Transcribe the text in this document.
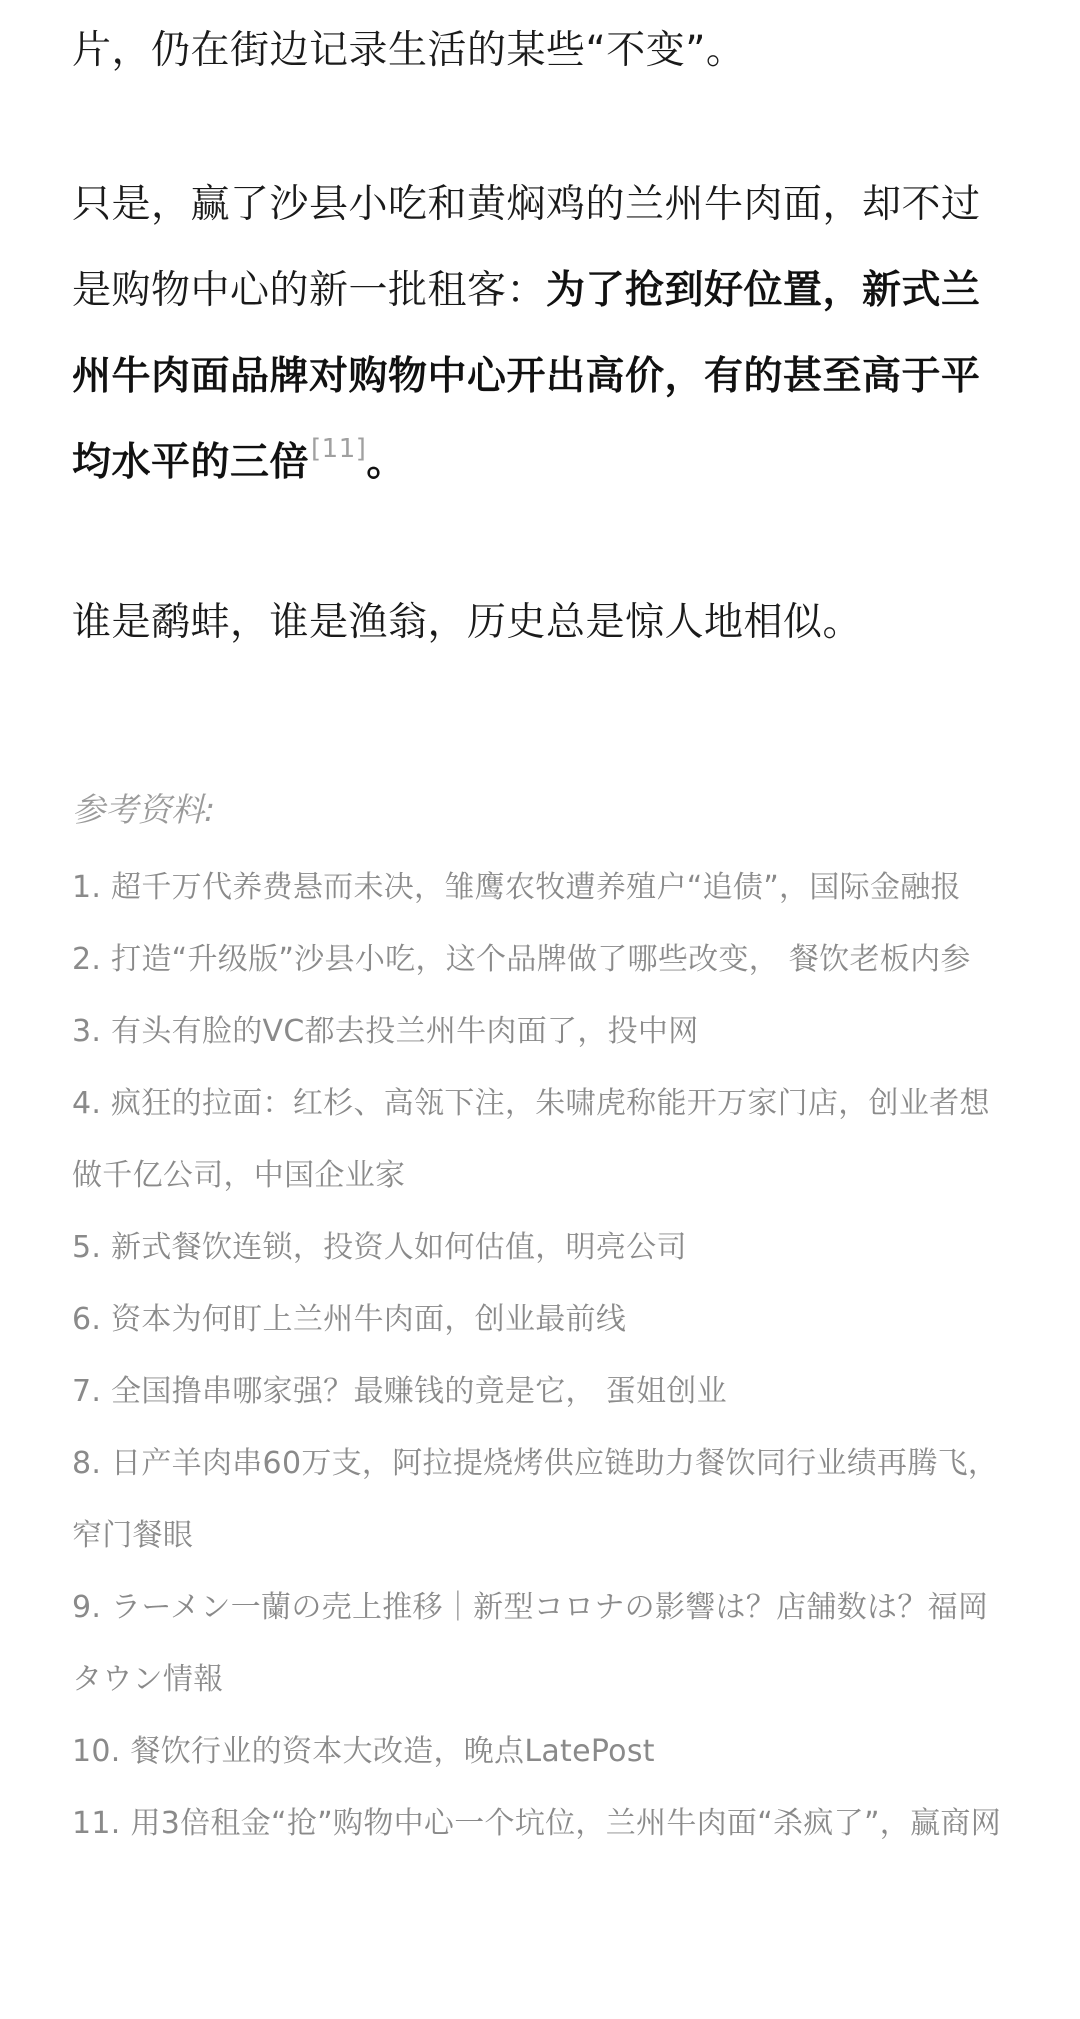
片，仍在街边记录生活的某些“不变”。

只是，赢了沙县小吃和黄焖鸡的兰州牛肉面，却不过是购物中心的新一批租客：为了抢到好位置，新式兰州牛肉面品牌对购物中心开出高价，有的甚至高于平均水平的三倍[11]。

谁是鹬蚌，谁是渔翁，历史总是惊人地相似。

参考资料:

1. 超千万代养费悬而未决，雏鹰农牧遭养殖户“追债”，国际金融报
2. 打造“升级版”沙县小吃，这个品牌做了哪些改变， 餐饮老板内参
3. 有头有脸的VC都去投兰州牛肉面了，投中网
4. 疯狂的拉面：红杉、高瓴下注，朱啸虎称能开万家门店，创业者想做千亿公司，中国企业家
5. 新式餐饮连锁，投资人如何估值，明亮公司
6. 资本为何盯上兰州牛肉面，创业最前线
7. 全国撸串哪家强？最赚钱的竟是它， 蛋姐创业
8. 日产羊肉串60万支，阿拉提烧烤供应链助力餐饮同行业绩再腾飞，窄门餐眼
9. ラーメン一蘭の売上推移｜新型コロナの影響は？店舗数は？福岡タウン情報
10. 餐饮行业的资本大改造，晚点LatePost
11. 用3倍租金“抢”购物中心一个坑位，兰州牛肉面“杀疯了”，赢商网
